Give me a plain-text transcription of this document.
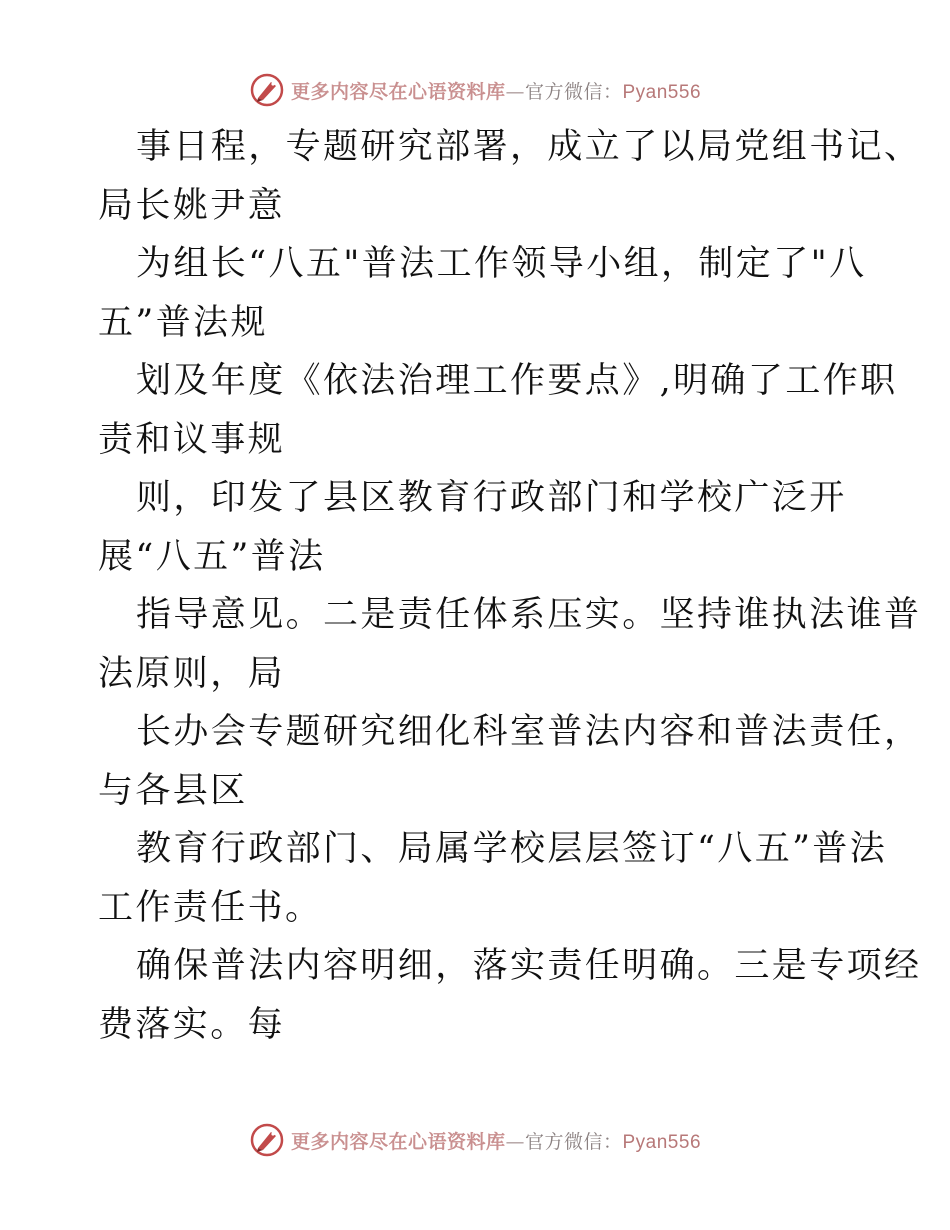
更多内容尽在心语资料库—官方微信：Pyan556
事日程，专题研究部署，成立了以局党组书记、
局长姚尹意
为组长“八五"普法工作领导小组，制定了"八
五”普法规
划及年度《依法治理工作要点》,明确了工作职
责和议事规
则，印发了县区教育行政部门和学校广泛开
展“八五”普法
指导意见。二是责任体系压实。坚持谁执法谁普
法原则，局
长办会专题研究细化科室普法内容和普法责任，
与各县区
教育行政部门、局属学校层层签订“八五”普法
工作责任书。
确保普法内容明细，落实责任明确。三是专项经
费落实。每
更多内容尽在心语资料库—官方微信：Pyan556
